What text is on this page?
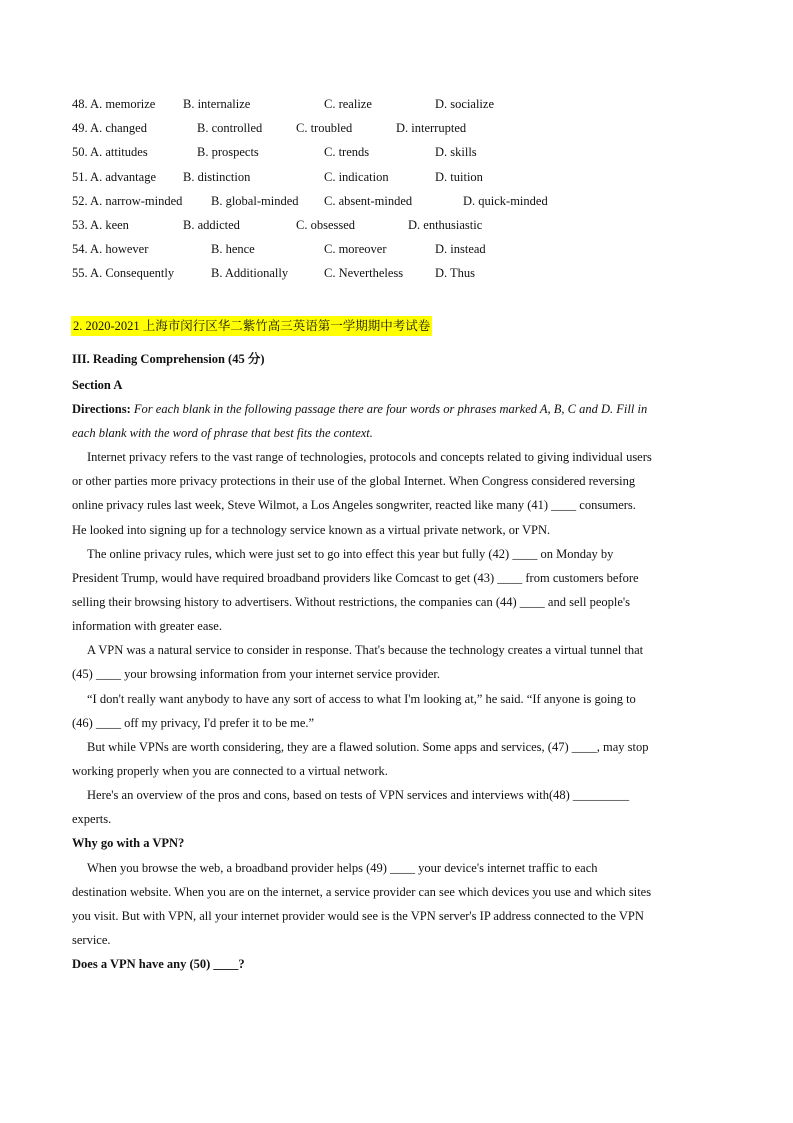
48. A. memorize B. internalize	C. realize	D. socialize
49. A. changed	B. controlled	C. troubled	D. interrupted
50. A. attitudes	B. prospects	C. trends	D. skills
51. A. advantage B. distinction	C. indication	D. tuition
52. A. narrow-minded B. global-minded C. absent-minded	D. quick-minded
53. A. keen	B. addicted	C. obsessed	D. enthusiastic
54. A. however	B. hence	C. moreover	D. instead
55. A. Consequently	B. Additionally	C. Nevertheless	D. Thus
2. 2020-2021 上海市闵行区华二紫竹高三英语第一学期期中考试卷
III. Reading Comprehension (45 分)
Section A
Directions: For each blank in the following passage there are four words or phrases marked A, B, C and D. Fill in
each blank with the word of phrase that best fits the context.
Internet privacy refers to the vast range of technologies, protocols and concepts related to giving individual users
or other parties more privacy protections in their use of the global Internet. When Congress considered reversing
online privacy rules last week, Steve Wilmot, a Los Angeles songwriter, reacted like many (41) ____ consumers.
He looked into signing up for a technology service known as a virtual private network, or VPN.
The online privacy rules, which were just set to go into effect this year but fully (42) ____ on Monday by
President Trump, would have required broadband providers like Comcast to get (43) ____ from customers before
selling their browsing history to advertisers. Without restrictions, the companies can (44) ____ and sell people's
information with greater ease.
A VPN was a natural service to consider in response. That's because the technology creates a virtual tunnel that
(45) ____ your browsing information from your internet service provider.
“I don't really want anybody to have any sort of access to what I'm looking at,” he said. “If anyone is going to
(46) ____ off my privacy, I'd prefer it to be me.”
But while VPNs are worth considering, they are a flawed solution. Some apps and services, (47) ____, may stop
working properly when you are connected to a virtual network.
Here's an overview of the pros and cons, based on tests of VPN services and interviews with(48) _________
experts.
Why go with a VPN?
When you browse the web, a broadband provider helps (49) ____ your device's internet traffic to each
destination website. When you are on the internet, a service provider can see which devices you use and which sites
you visit. But with VPN, all your internet provider would see is the VPN server's IP address connected to the VPN
service.
Does a VPN have any (50) ____?
